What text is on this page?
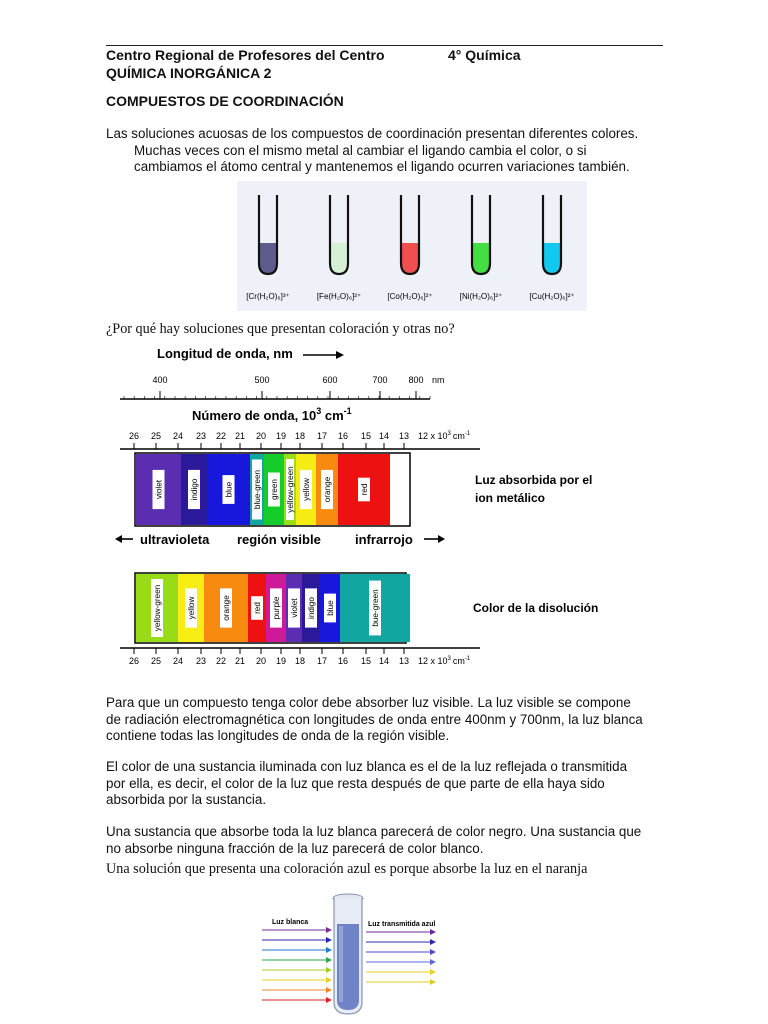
Centro Regional de Profesores del Centro	4° Química
QUÍMICA INORGÁNICA 2
COMPUESTOS DE COORDINACIÓN
Las soluciones acuosas de los compuestos de coordinación presentan diferentes colores.
Muchas veces con el mismo metal al cambiar el ligando cambia el color, o si
cambiamos el átomo central y mantenemos el ligando ocurren variaciones también.
[Cr(H₂O)₆]³⁺	[Fe(H₂O)₆]²⁺	[Co(H₂O)₆]²⁺	[Ni(H₂O)₆]²⁺	[Cu(H₂O)₆]²⁺
¿Por qué hay soluciones que presentan coloración y otras no?
Longitud de onda, nm
400	500	600	700 800 nm
Número de onda, $10^3$ $cm^{-1}$
26 25 24 23 22 21 20 19 18 17 16 15 14 13 12 x $10^3$ $cm^{-1}$
violet	indigo	blue blue-green green yellow-green yellow orange	red
Luz absorbida por el
ion metálico
ultravioleta región visible	infrarrojo
yellow-green	yellow	orange	red purple violet indigo blue	bue-green	Color de la disolución
26 25 24 23 22 21 20 19 18 17 16 15 14 13 12 x $10^3$ $cm^{-1}$
Para que un compuesto tenga color debe absorber luz visible. La luz visible se compone
de radiación electromagnética con longitudes de onda entre 400nm y 700nm, la luz blanca
contiene todas las longitudes de onda de la región visible.
El color de una sustancia iluminada con luz blanca es el de la luz reflejada o transmitida
por ella, es decir, el color de la luz que resta después de que parte de ella haya sido
absorbida por la sustancia.
Una sustancia que absorbe toda la luz blanca parecerá de color negro. Una sustancia que
no absorbe ninguna fracción de la luz parecerá de color blanco.
Una solución que presenta una coloración azul es porque absorbe la luz en el naranja
Luz blanca	Luz transmitida azul
